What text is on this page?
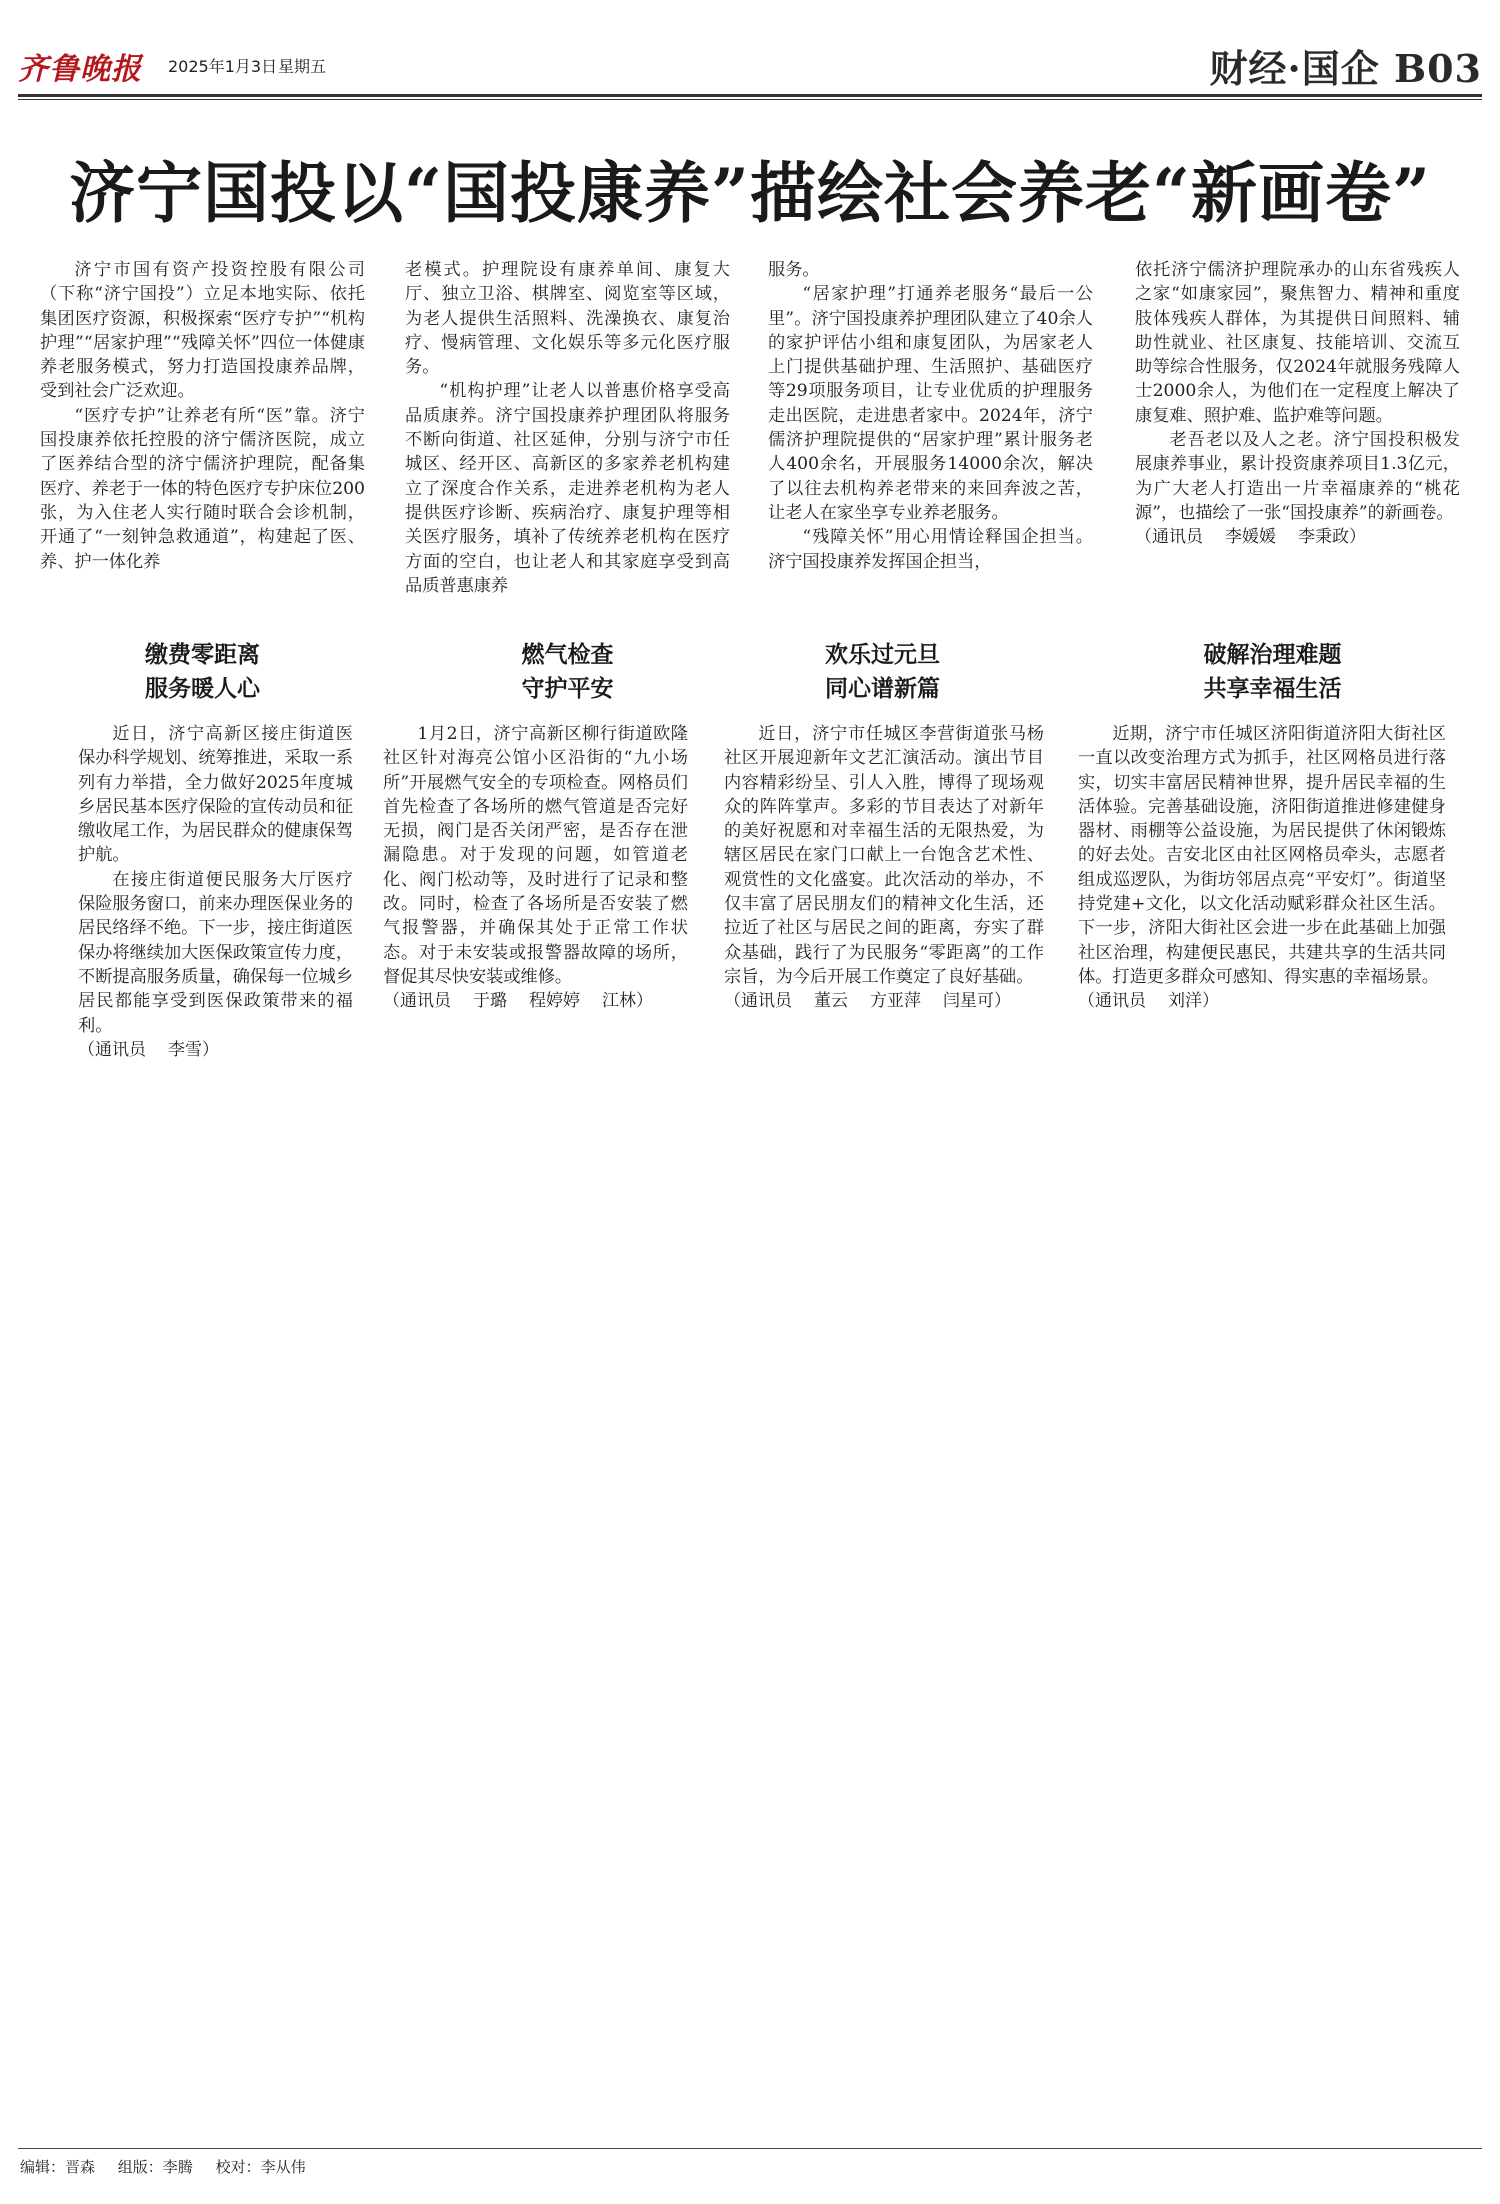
齐鲁晚报 2025年1月3日 星期五	财经·国企 B03
济宁国投以“国投康养”描绘社会养老“新画卷”

济宁市国有资产投资控股有限公司（下称“济宁国投”）立足本地实际、依托集团医疗资源，积极探索“医疗专护”“机构护理”“居家护理”“残障关怀”四位一体健康养老服务模式，努力打造国投康养品牌，受到社会广泛欢迎。

“医疗专护”让养老有所“医”靠。济宁国投康养依托控股的济宁儒济医院，成立了医养结合型的济宁儒济护理院，配备集医疗、养老于一体的特色医疗专护床位200张，为入住老人实行随时联合会诊机制，开通了“一刻钟急救通道”，构建起了医、养、护一体化养

老模式。护理院设有康养单间、康复大厅、独立卫浴、棋牌室、阅览室等区域，为老人提供生活照料、洗澡换衣、康复治疗、慢病管理、文化娱乐等多元化医疗服务。

“机构护理”让老人以普惠价格享受高品质康养。济宁国投康养护理团队将服务不断向街道、社区延伸，分别与济宁市任城区、经开区、高新区的多家养老机构建立了深度合作关系，走进养老机构为老人提供医疗诊断、疾病治疗、康复护理等相关医疗服务，填补了传统养老机构在医疗方面的空白，也让老人和其家庭享受到高品质普惠康养

服务。

“居家护理”打通养老服务“最后一公里”。济宁国投康养护理团队建立了40余人的家护评估小组和康复团队，为居家老人上门提供基础护理、生活照护、基础医疗等29项服务项目，让专业优质的护理服务走出医院，走进患者家中。2024年，济宁儒济护理院提供的“居家护理”累计服务老人400余名，开展服务14000余次，解决了以往去机构养老带来的来回奔波之苦，让老人在家坐享专业养老服务。

“残障关怀”用心用情诠释国企担当。济宁国投康养发挥国企担当，

依托济宁儒济护理院承办的山东省残疾人之家“如康家园”，聚焦智力、精神和重度肢体残疾人群体，为其提供日间照料、辅助性就业、社区康复、技能培训、交流互助等综合性服务，仅2024年就服务残障人士2000余人，为他们在一定程度上解决了康复难、照护难、监护难等问题。

老吾老以及人之老。济宁国投积极发展康养事业，累计投资康养项目1.3亿元，为广大老人打造出一片幸福康养的“桃花源”，也描绘了一张“国投康养”的新画卷。

（通讯员 李媛媛 李秉政）

缴费零距离
服务暖人心

近日，济宁高新区接庄街道医保办科学规划、统筹推进，采取一系列有力举措，全力做好2025年度城乡居民基本医疗保险的宣传动员和征缴收尾工作，为居民群众的健康保驾护航。

在接庄街道便民服务大厅医疗保险服务窗口，前来办理医保业务的居民络绎不绝。下一步，接庄街道医保办将继续加大医保政策宣传力度，不断提高服务质量，确保每一位城乡居民都能享受到医保政策带来的福利。

（通讯员 李雪）

燃气检查
守护平安

1月2日，济宁高新区柳行街道欧隆社区针对海亮公馆小区沿街的“九小场所”开展燃气安全的专项检查。网格员们首先检查了各场所的燃气管道是否完好无损，阀门是否关闭严密，是否存在泄漏隐患。对于发现的问题，如管道老化、阀门松动等，及时进行了记录和整改。同时，检查了各场所是否安装了燃气报警器，并确保其处于正常工作状态。对于未安装或报警器故障的场所，督促其尽快安装或维修。

（通讯员 于璐 程婷婷 江林）

欢乐过元旦
同心谱新篇

近日，济宁市任城区李营街道张马杨社区开展迎新年文艺汇演活动。演出节目内容精彩纷呈、引人入胜，博得了现场观众的阵阵掌声。多彩的节目表达了对新年的美好祝愿和对幸福生活的无限热爱，为辖区居民在家门口献上一台饱含艺术性、观赏性的文化盛宴。此次活动的举办，不仅丰富了居民朋友们的精神文化生活，还拉近了社区与居民之间的距离，夯实了群众基础，践行了为民服务“零距离”的工作宗旨，为今后开展工作奠定了良好基础。

（通讯员 董云 方亚萍 闫星可）

破解治理难题
共享幸福生活

近期，济宁市任城区济阳街道济阳大街社区一直以改变治理方式为抓手，社区网格员进行落实，切实丰富居民精神世界，提升居民幸福的生活体验。完善基础设施，济阳街道推进修建健身器材、雨棚等公益设施，为居民提供了休闲锻炼的好去处。吉安北区由社区网格员牵头，志愿者组成巡逻队，为街坊邻居点亮“平安灯”。街道坚持党建+文化，以文化活动赋彩群众社区生活。下一步，济阳大街社区会进一步在此基础上加强社区治理，构建便民惠民，共建共享的生活共同体。打造更多群众可感知、得实惠的幸福场景。

（通讯员 刘洋）

编辑：晋森 组版：李腾 校对：李从伟
